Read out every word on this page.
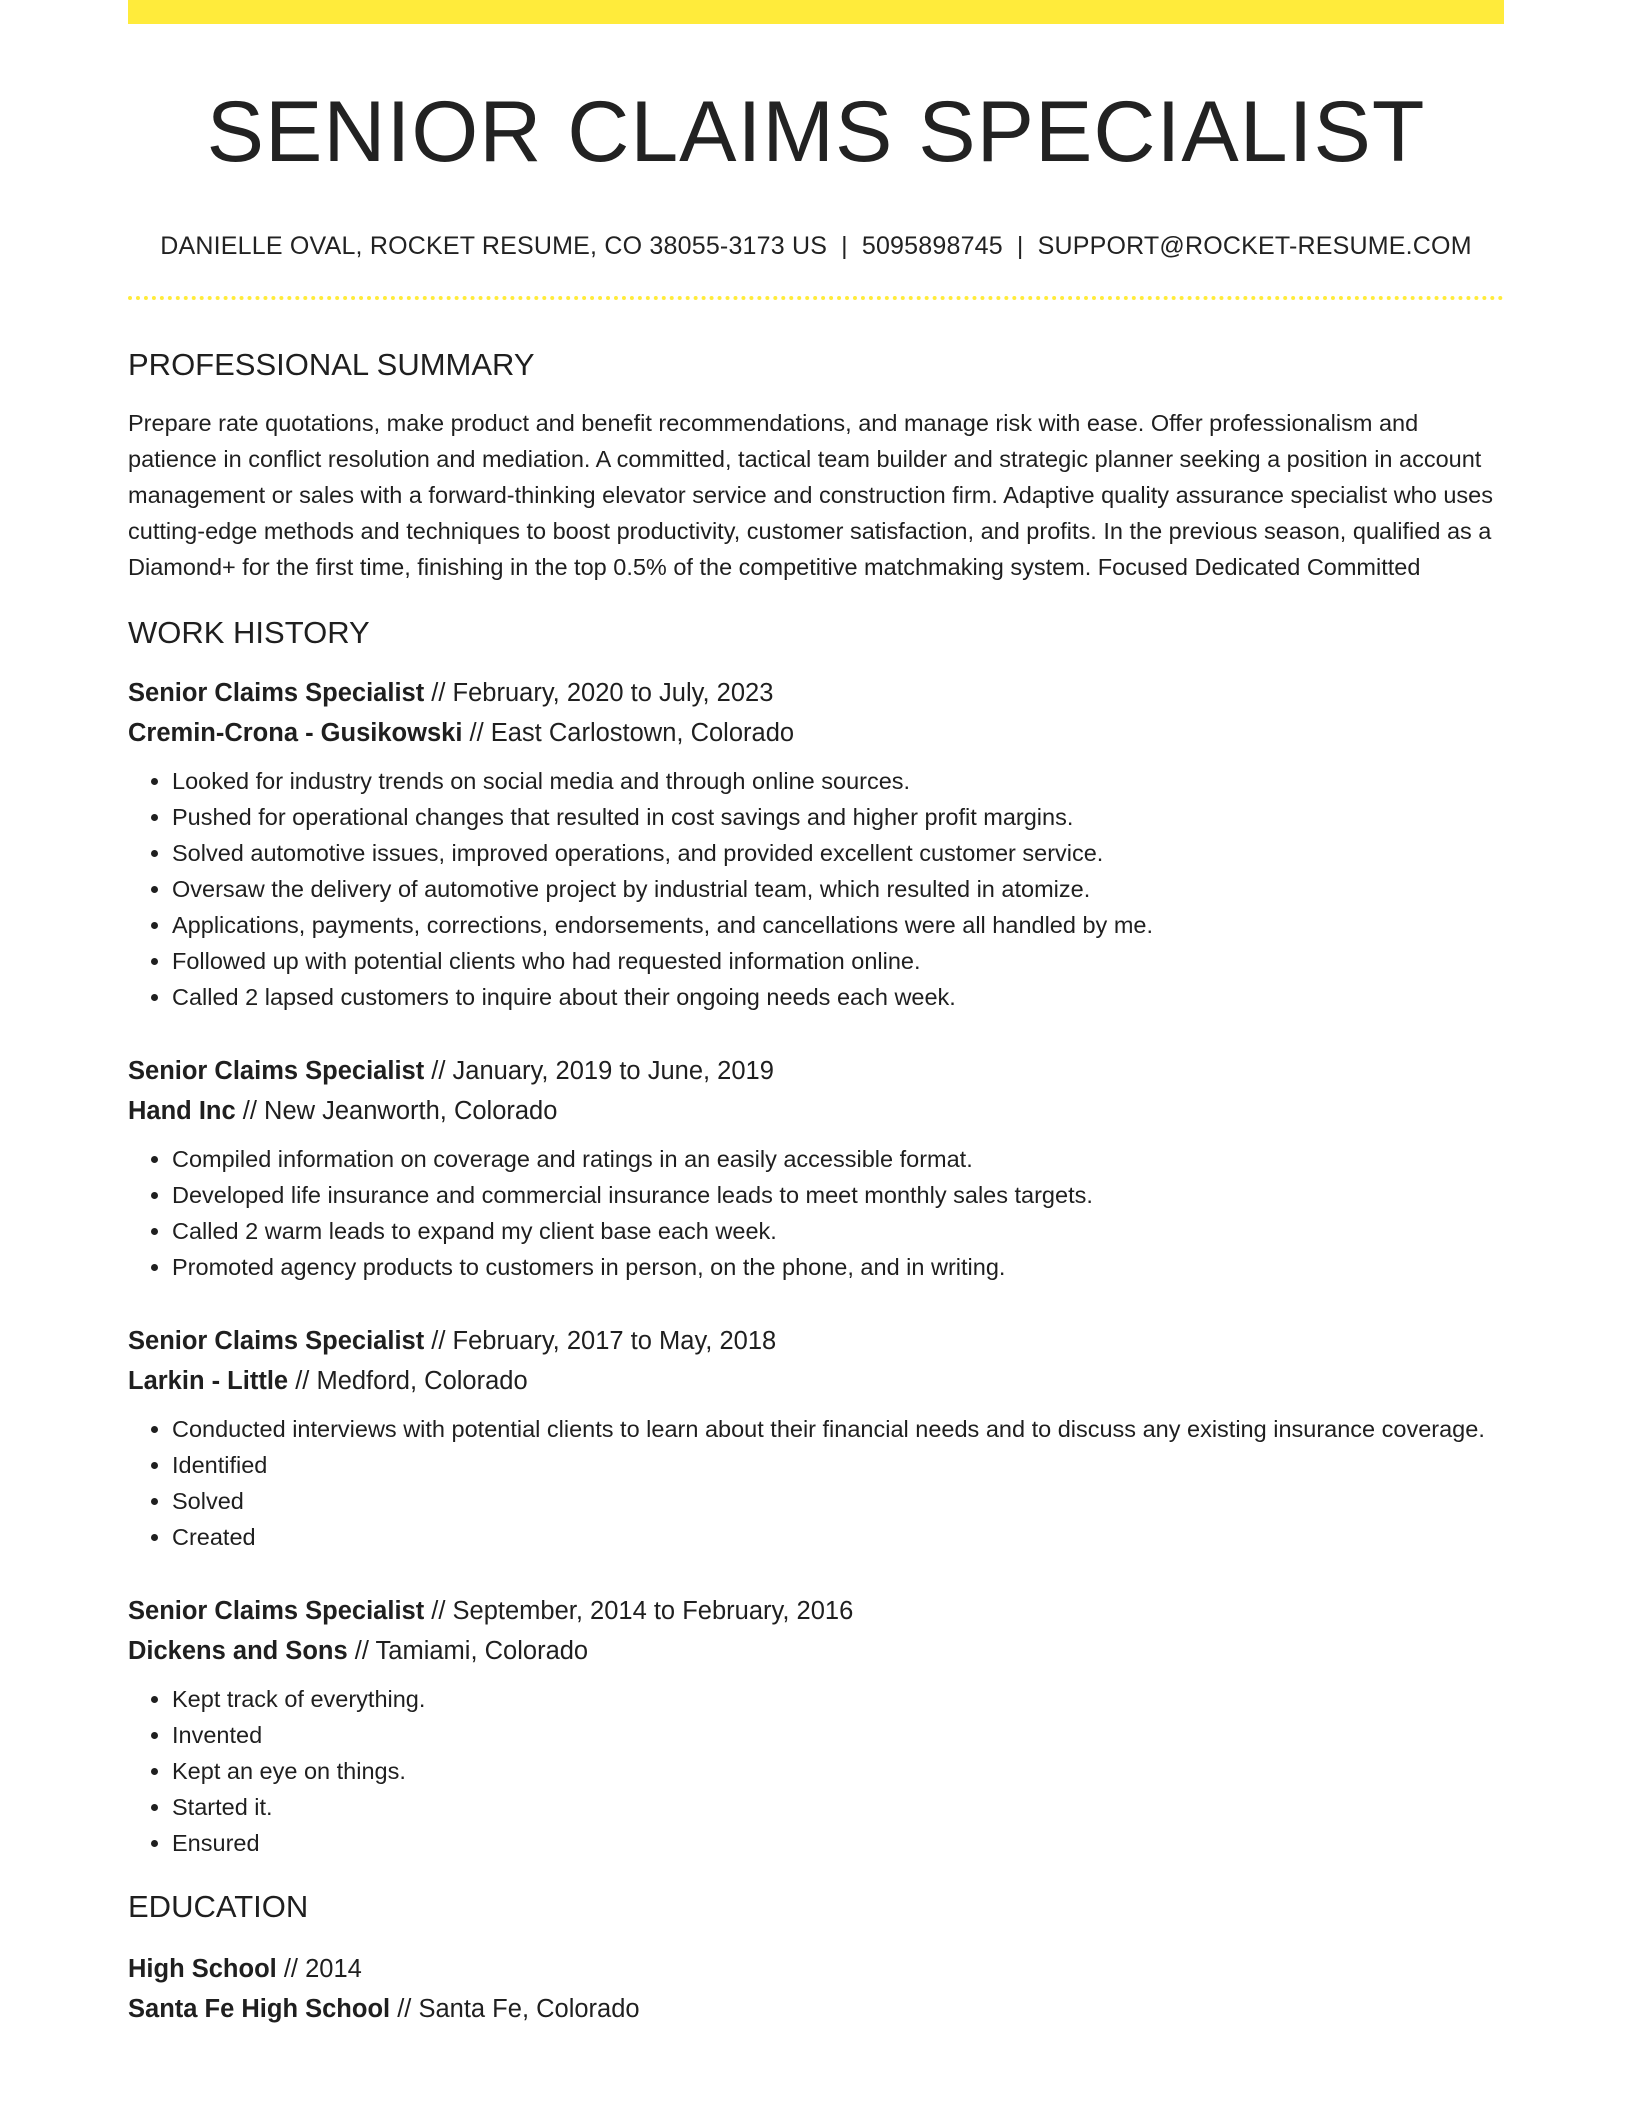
SENIOR CLAIMS SPECIALIST
DANIELLE OVAL, ROCKET RESUME, CO 38055-3173 US | 5095898745 | SUPPORT@ROCKET-RESUME.COM
PROFESSIONAL SUMMARY
Prepare rate quotations, make product and benefit recommendations, and manage risk with ease. Offer professionalism and patience in conflict resolution and mediation. A committed, tactical team builder and strategic planner seeking a position in account management or sales with a forward-thinking elevator service and construction firm. Adaptive quality assurance specialist who uses cutting-edge methods and techniques to boost productivity, customer satisfaction, and profits. In the previous season, qualified as a Diamond+ for the first time, finishing in the top 0.5% of the competitive matchmaking system. Focused Dedicated Committed
WORK HISTORY
Senior Claims Specialist // February, 2020 to July, 2023
Cremin-Crona - Gusikowski // East Carlostown, Colorado
• Looked for industry trends on social media and through online sources.
• Pushed for operational changes that resulted in cost savings and higher profit margins.
• Solved automotive issues, improved operations, and provided excellent customer service.
• Oversaw the delivery of automotive project by industrial team, which resulted in atomize.
• Applications, payments, corrections, endorsements, and cancellations were all handled by me.
• Followed up with potential clients who had requested information online.
• Called 2 lapsed customers to inquire about their ongoing needs each week.
Senior Claims Specialist // January, 2019 to June, 2019
Hand Inc // New Jeanworth, Colorado
• Compiled information on coverage and ratings in an easily accessible format.
• Developed life insurance and commercial insurance leads to meet monthly sales targets.
• Called 2 warm leads to expand my client base each week.
• Promoted agency products to customers in person, on the phone, and in writing.
Senior Claims Specialist // February, 2017 to May, 2018
Larkin - Little // Medford, Colorado
• Conducted interviews with potential clients to learn about their financial needs and to discuss any existing insurance coverage.
• Identified
• Solved
• Created
Senior Claims Specialist // September, 2014 to February, 2016
Dickens and Sons // Tamiami, Colorado
• Kept track of everything.
• Invented
• Kept an eye on things.
• Started it.
• Ensured
EDUCATION
High School // 2014
Santa Fe High School // Santa Fe, Colorado
